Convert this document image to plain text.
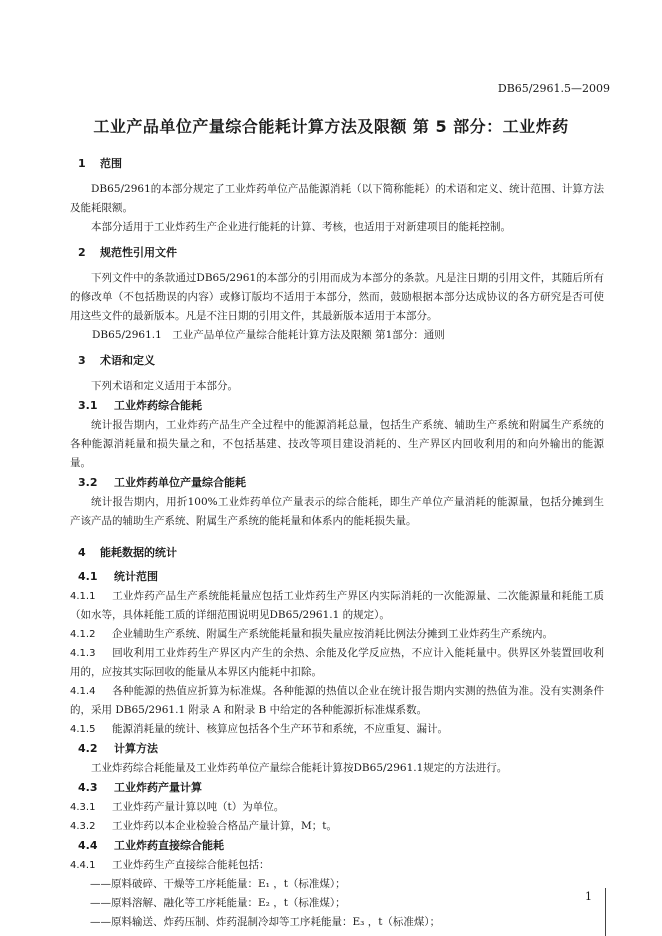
DB65/2961.5—2009
工业产品单位产量综合能耗计算方法及限额 第 5 部分：工业炸药
1 范围

DB65/2961的本部分规定了工业炸药单位产品能源消耗（以下简称能耗）的术语和定义、统计范围、计算方法及能耗限额。

本部分适用于工业炸药生产企业进行能耗的计算、考核，也适用于对新建项目的能耗控制。

2 规范性引用文件

下列文件中的条款通过DB65/2961的本部分的引用而成为本部分的条款。凡是注日期的引用文件，其随后所有的修改单（不包括勘误的内容）或修订版均不适用于本部分，然而，鼓励根据本部分达成协议的各方研究是否可使用这些文件的最新版本。凡是不注日期的引用文件，其最新版本适用于本部分。

DB65/2961.1　工业产品单位产量综合能耗计算方法及限额 第1部分：通则

3 术语和定义

下列术语和定义适用于本部分。

3.1 工业炸药综合能耗

统计报告期内，工业炸药产品生产全过程中的能源消耗总量，包括生产系统、辅助生产系统和附属生产系统的各种能源消耗量和损失量之和，不包括基建、技改等项目建设消耗的、生产界区内回收利用的和向外输出的能源量。

3.2 工业炸药单位产量综合能耗

统计报告期内，用折100%工业炸药单位产量表示的综合能耗，即生产单位产量消耗的能源量，包括分摊到生产该产品的辅助生产系统、附属生产系统的能耗量和体系内的能耗损失量。

4 能耗数据的统计
4.1 统计范围

4.1.1 工业炸药产品生产系统能耗量应包括工业炸药生产界区内实际消耗的一次能源量、二次能源量和耗能工质（如水等，具体耗能工质的详细范围说明见DB65/2961.1 的规定）。

4.1.2 企业辅助生产系统、附属生产系统能耗量和损失量应按消耗比例法分摊到工业炸药生产系统内。

4.1.3 回收利用工业炸药生产界区内产生的余热、余能及化学反应热，不应计入能耗量中。供界区外装置回收利用的，应按其实际回收的能量从本界区内能耗中扣除。

4.1.4 各种能源的热值应折算为标准煤。各种能源的热值以企业在统计报告期内实测的热值为准。没有实测条件的，采用 DB65/2961.1 附录 A 和附录 B 中给定的各种能源折标准煤系数。

4.1.5 能源消耗量的统计、核算应包括各个生产环节和系统，不应重复、漏计。

4.2 计算方法

工业炸药综合耗能量及工业炸药单位产量综合能耗计算按DB65/2961.1规定的方法进行。

4.3 工业炸药产量计算

4.3.1 工业炸药产量计算以吨（t）为单位。

4.3.2 工业炸药以本企业检验合格品产量计算，M；t。

4.4 工业炸药直接综合能耗

4.4.1 工业炸药生产直接综合能耗包括：

——原料破碎、干燥等工序耗能量：E₁ ，t（标准煤）；

——原料溶解、融化等工序耗能量：E₂ ，t（标准煤）；

——原料输送、炸药压制、炸药混制冷却等工序耗能量：E₃ ，t（标准煤）；

1
